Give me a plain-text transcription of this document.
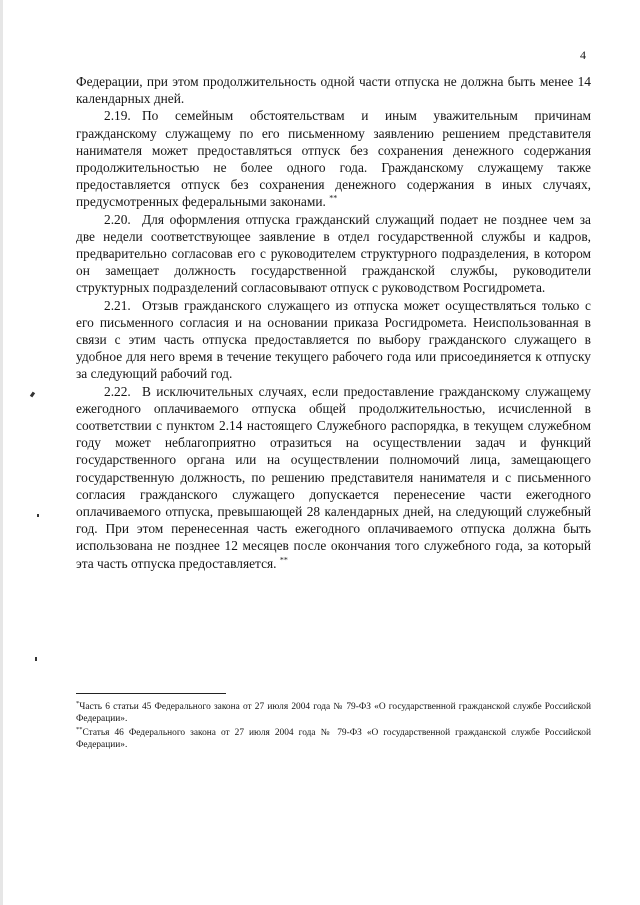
4

Федерации, при этом продолжительность одной части отпуска не должна быть менее 14 календарных дней.

2.19. По семейным обстоятельствам и иным уважительным причинам гражданскому служащему по его письменному заявлению решением представителя нанимателя может предоставляться отпуск без сохранения денежного содержания продолжительностью не более одного года. Гражданскому служащему также предоставляется отпуск без сохранения денежного содержания в иных случаях, предусмотренных федеральными законами. **

2.20. Для оформления отпуска гражданский служащий подает не позднее чем за две недели соответствующее заявление в отдел государственной службы и кадров, предварительно согласовав его с руководителем структурного подразделения, в котором он замещает должность государственной гражданской службы, руководители структурных подразделений согласовывают отпуск с руководством Росгидромета.

2.21. Отзыв гражданского служащего из отпуска может осуществляться только с его письменного согласия и на основании приказа Росгидромета. Неиспользованная в связи с этим часть отпуска предоставляется по выбору гражданского служащего в удобное для него время в течение текущего рабочего года или присоединяется к отпуску за следующий рабочий год.

2.22. В исключительных случаях, если предоставление гражданскому служащему ежегодного оплачиваемого отпуска общей продолжительностью, исчисленной в соответствии с пунктом 2.14 настоящего Служебного распорядка, в текущем служебном году может неблагоприятно отразиться на осуществлении задач и функций государственного органа или на осуществлении полномочий лица, замещающего государственную должность, по решению представителя нанимателя и с письменного согласия гражданского служащего допускается перенесение части ежегодного оплачиваемого отпуска, превышающей 28 календарных дней, на следующий служебный год. При этом перенесенная часть ежегодного оплачиваемого отпуска должна быть использована не позднее 12 месяцев после окончания того служебного года, за который эта часть отпуска предоставляется. **

*Часть 6 статьи 45 Федерального закона от 27 июля 2004 года № 79-ФЗ «О государственной гражданской службе Российской Федерации».

**Статья 46 Федерального закона от 27 июля 2004 года № 79-ФЗ «О государственной гражданской службе Российской Федерации».
